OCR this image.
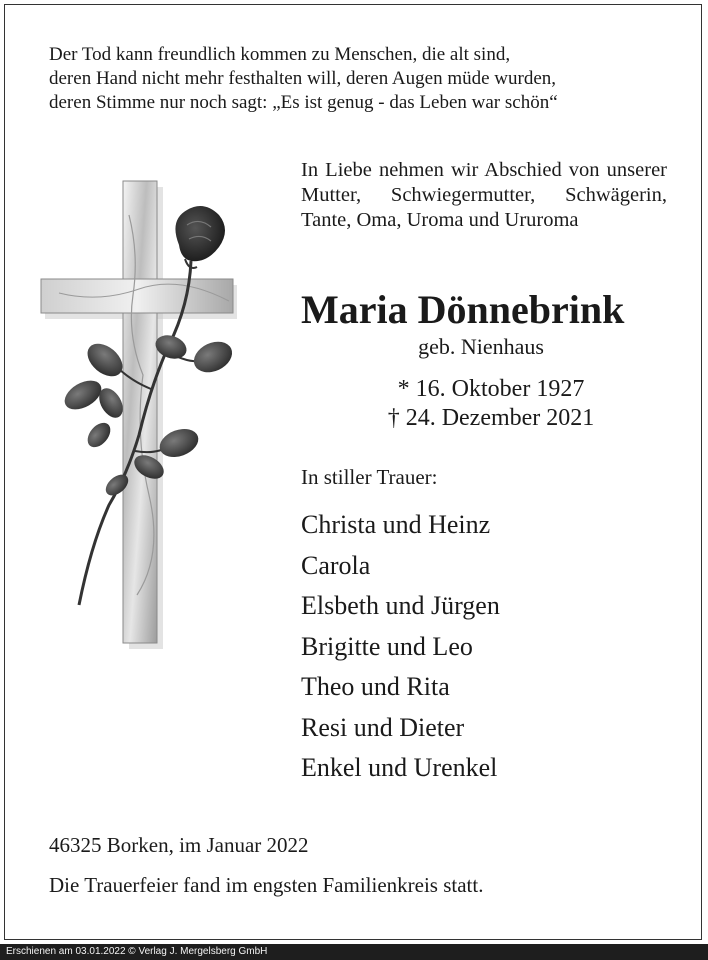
Der Tod kann freundlich kommen zu Menschen, die alt sind,
deren Hand nicht mehr festhalten will, deren Augen müde wurden,
deren Stimme nur noch sagt: „Es ist genug - das Leben war schön“
In Liebe nehmen wir Abschied von unserer Mutter, Schwiegermutter, Schwägerin, Tante, Oma, Uroma und Ururoma
Maria Dönnebrink
geb. Nienhaus
* 16. Oktober 1927
† 24. Dezember 2021
In stiller Trauer:
Christa und Heinz
Carola
Elsbeth und Jürgen
Brigitte und Leo
Theo und Rita
Resi und Dieter
Enkel und Urenkel
46325 Borken, im Januar 2022
Die Trauerfeier fand im engsten Familienkreis statt.
Erschienen am 03.01.2022 © Verlag J. Mergelsberg GmbH
